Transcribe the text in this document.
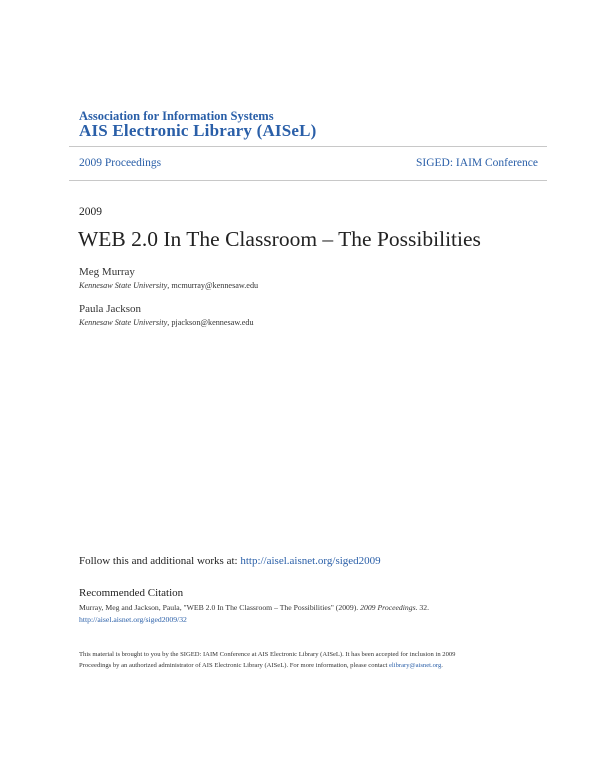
Association for Information Systems
AIS Electronic Library (AISeL)
2009 Proceedings	SIGED: IAIM Conference
2009
WEB 2.0 In The Classroom – The Possibilities
Meg Murray
Kennesaw State University, mcmurray@kennesaw.edu
Paula Jackson
Kennesaw State University, pjackson@kennesaw.edu
Follow this and additional works at: http://aisel.aisnet.org/siged2009
Recommended Citation
Murray, Meg and Jackson, Paula, "WEB 2.0 In The Classroom – The Possibilities" (2009). 2009 Proceedings. 32.
http://aisel.aisnet.org/siged2009/32
This material is brought to you by the SIGED: IAIM Conference at AIS Electronic Library (AISeL). It has been accepted for inclusion in 2009
Proceedings by an authorized administrator of AIS Electronic Library (AISeL). For more information, please contact elibrary@aisnet.org.
